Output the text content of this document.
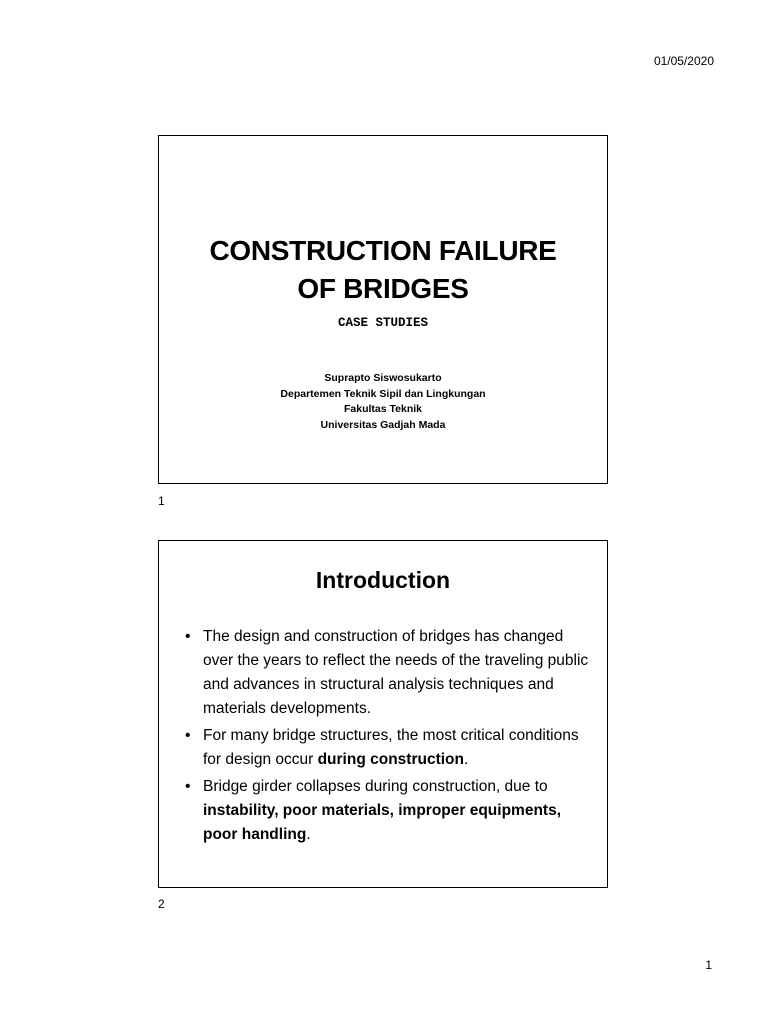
01/05/2020
CONSTRUCTION FAILURE
OF BRIDGES
CASE STUDIES
Suprapto Siswosukarto
Departemen Teknik Sipil dan Lingkungan
Fakultas Teknik
Universitas Gadjah Mada
1
Introduction
• The design and construction of bridges has changed over the years to reflect the needs of the traveling public and advances in structural analysis techniques and materials developments.
• For many bridge structures, the most critical conditions for design occur during construction.
• Bridge girder collapses during construction, due to instability, poor materials, improper equipments, poor handling.
2
1
